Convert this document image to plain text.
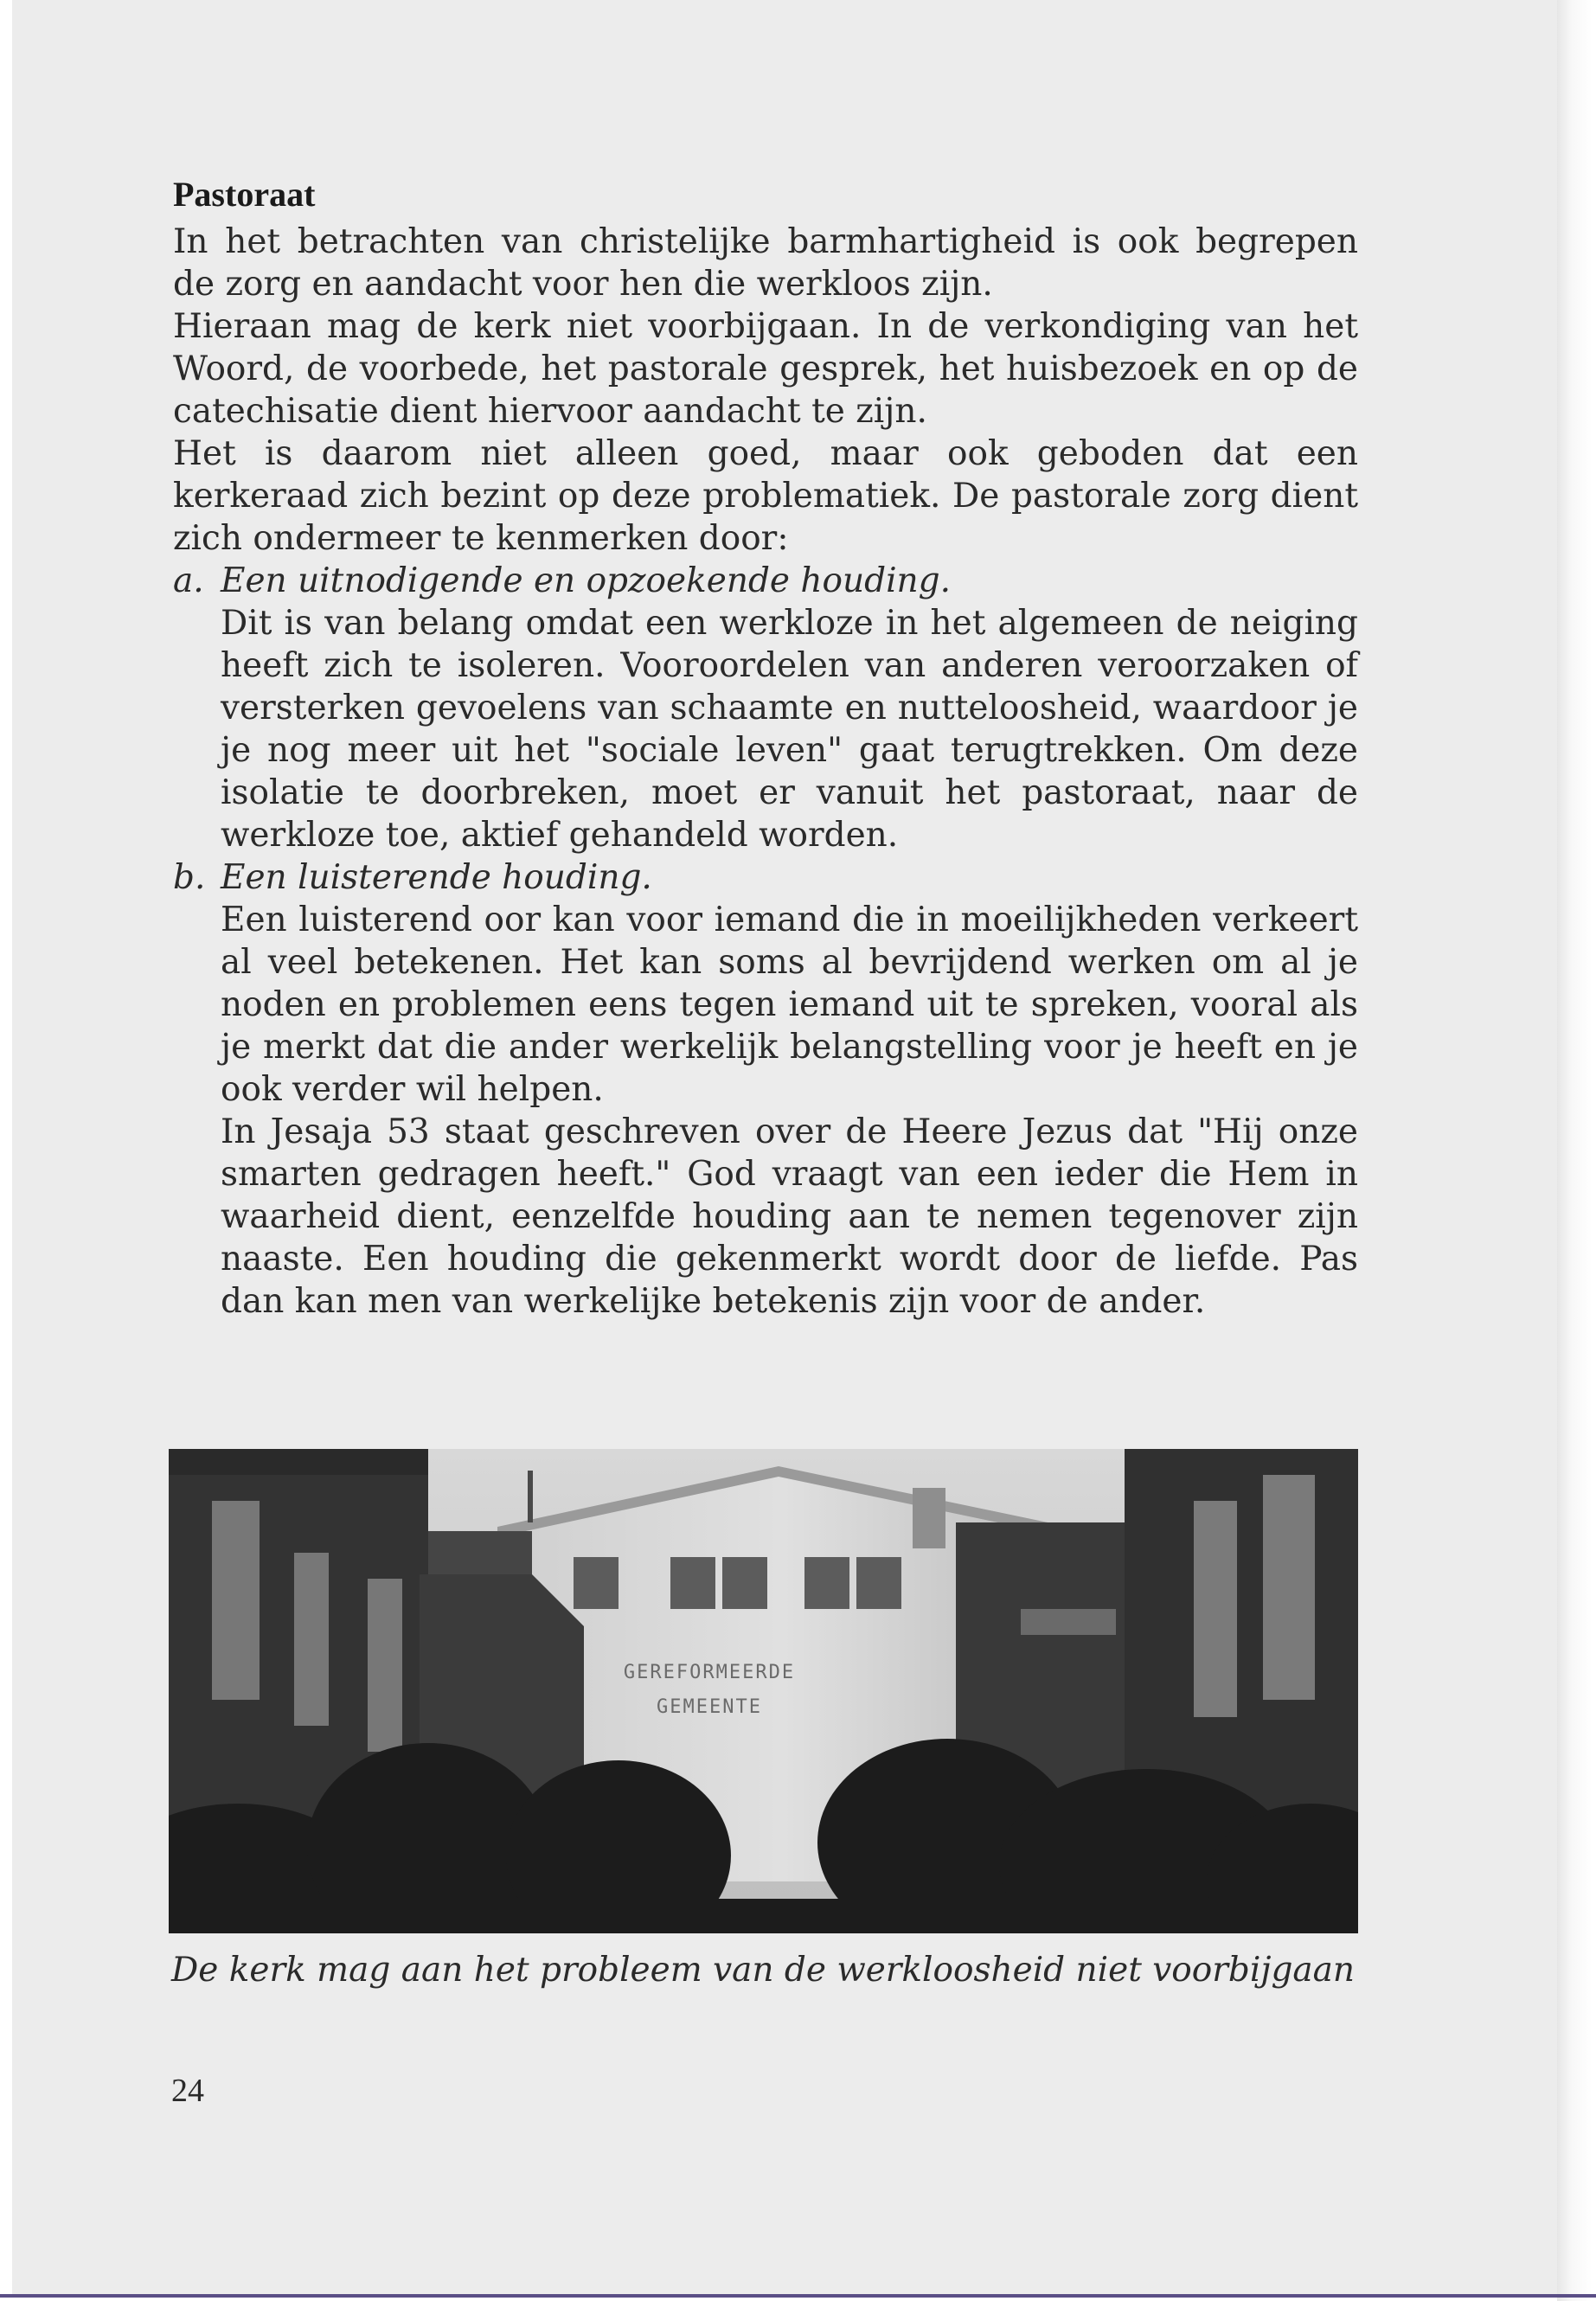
Pastoraat

In het betrachten van christelijke barmhartigheid is ook begrepen de zorg en aandacht voor hen die werkloos zijn.

Hieraan mag de kerk niet voorbijgaan. In de verkondiging van het Woord, de voorbede, het pastorale gesprek, het huisbezoek en op de catechisatie dient hiervoor aandacht te zijn.

Het is daarom niet alleen goed, maar ook geboden dat een kerkeraad zich bezint op deze problematiek. De pastorale zorg dient zich ondermeer te kenmerken door:

a. Een uitnodigende en opzoekende houding.

Dit is van belang omdat een werkloze in het algemeen de neiging heeft zich te isoleren. Vooroordelen van anderen veroorzaken of versterken gevoelens van schaamte en nutteloosheid, waardoor je je nog meer uit het "sociale leven" gaat terugtrekken. Om deze isolatie te doorbreken, moet er vanuit het pastoraat, naar de werkloze toe, aktief gehandeld worden.

b. Een luisterende houding.

Een luisterend oor kan voor iemand die in moeilijkheden verkeert al veel betekenen. Het kan soms al bevrijdend werken om al je noden en problemen eens tegen iemand uit te spreken, vooral als je merkt dat die ander werkelijk belangstelling voor je heeft en je ook verder wil helpen.

In Jesaja 53 staat geschreven over de Heere Jezus dat "Hij onze smarten gedragen heeft." God vraagt van een ieder die Hem in waarheid dient, eenzelfde houding aan te nemen tegenover zijn naaste. Een houding die gekenmerkt wordt door de liefde. Pas dan kan men van werkelijke betekenis zijn voor de ander.

GEREFORMEERDE
GEMEENTE
De kerk mag aan het probleem van de werkloosheid niet voorbijgaan
24
